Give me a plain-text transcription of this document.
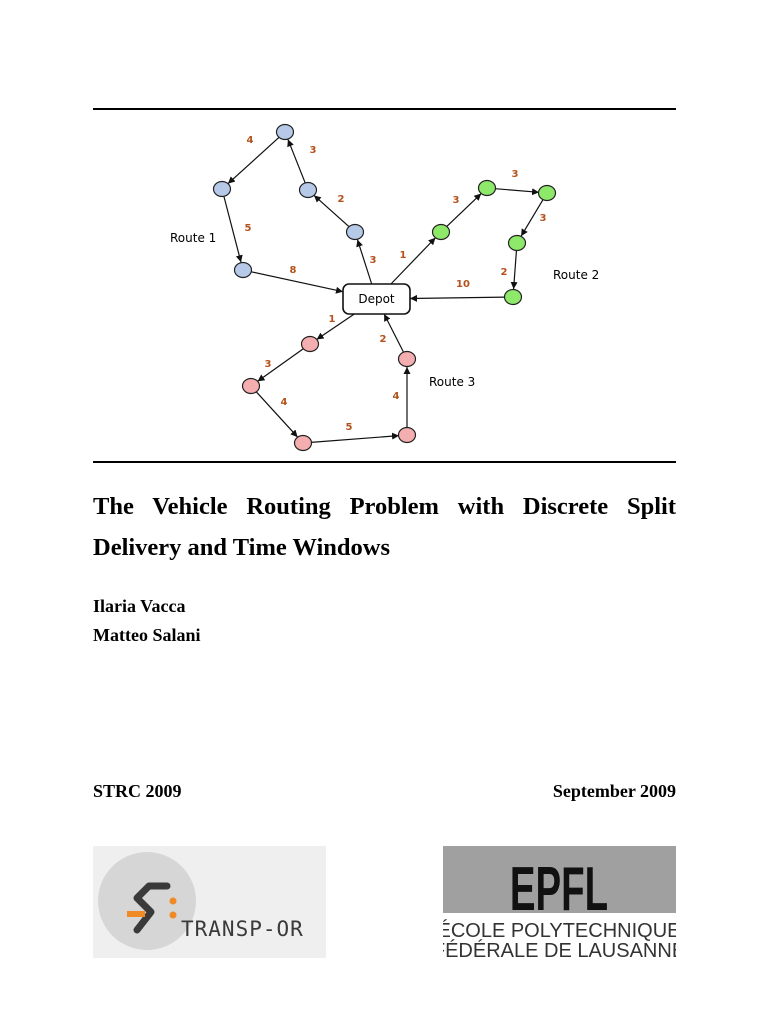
4
3
2
3
5
8
1
3
3
3
2
10
1
3
4
5
4
2
Depot
Route 1
Route 2
Route 3
The Vehicle Routing Problem with Discrete Split Delivery and Time Windows
Ilaria Vacca
Matteo Salani
STRC 2009	September 2009
TRANSP-OR
EPFL
ÉCOLE POLYTECHNIQUE
FÉDÉRALE DE LAUSANNE
